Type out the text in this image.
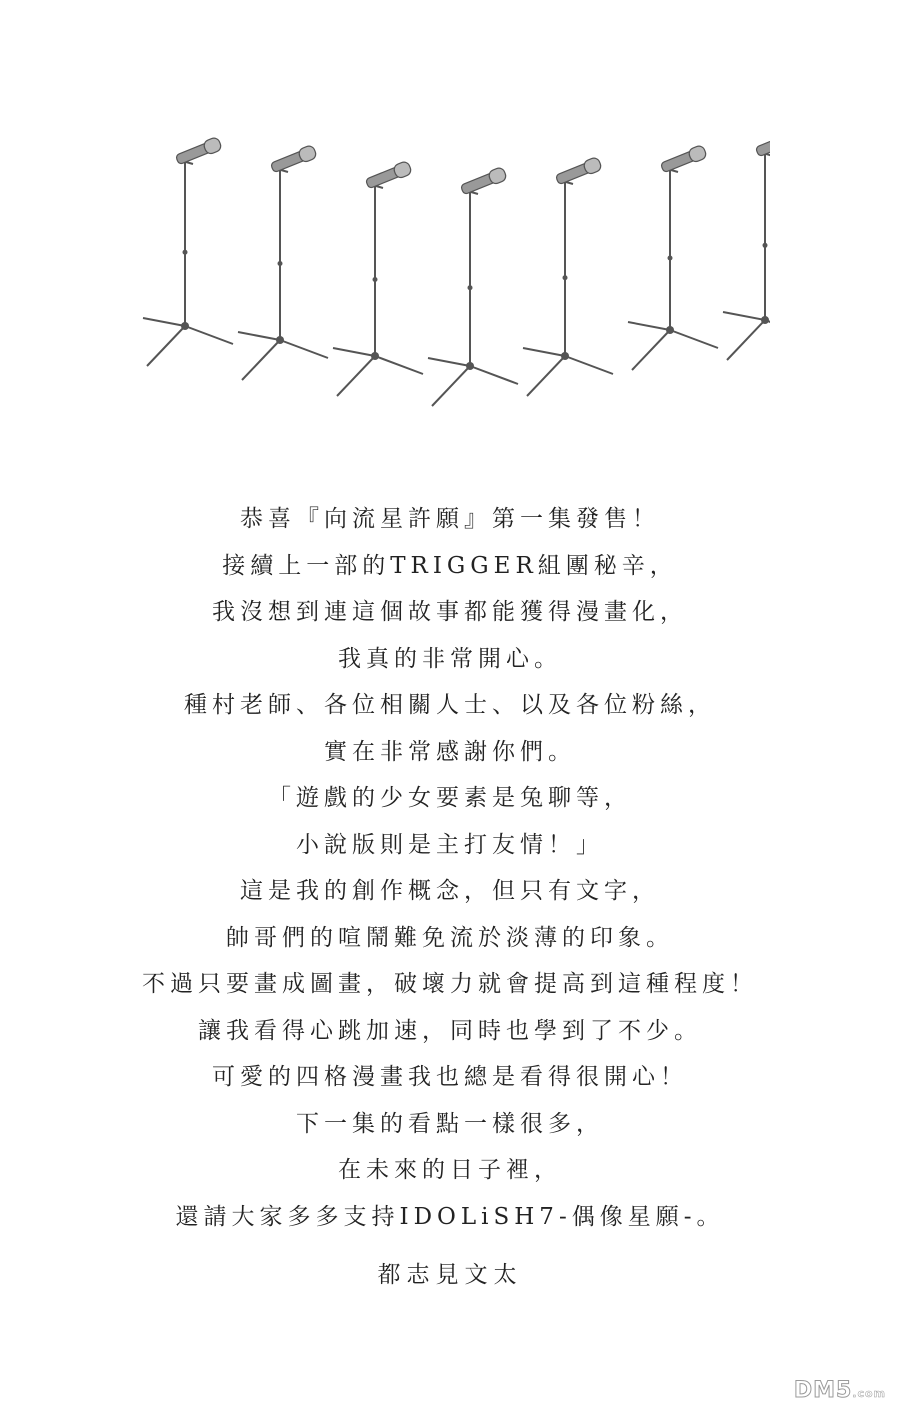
恭喜『向流星許願』第一集發售！
接續上一部的TRIGGER組團秘辛，
我沒想到連這個故事都能獲得漫畫化，
我真的非常開心。
種村老師、各位相關人士、以及各位粉絲，
實在非常感謝你們。
「遊戲的少女要素是兔聊等，
小說版則是主打友情！」
這是我的創作概念，但只有文字，
帥哥們的喧鬧難免流於淡薄的印象。
不過只要畫成圖畫，破壞力就會提高到這種程度！
讓我看得心跳加速，同時也學到了不少。
可愛的四格漫畫我也總是看得很開心！
下一集的看點一樣很多，
在未來的日子裡，
還請大家多多支持IDOLiSH7-偶像星願-。
都志見文太
DM5.com
